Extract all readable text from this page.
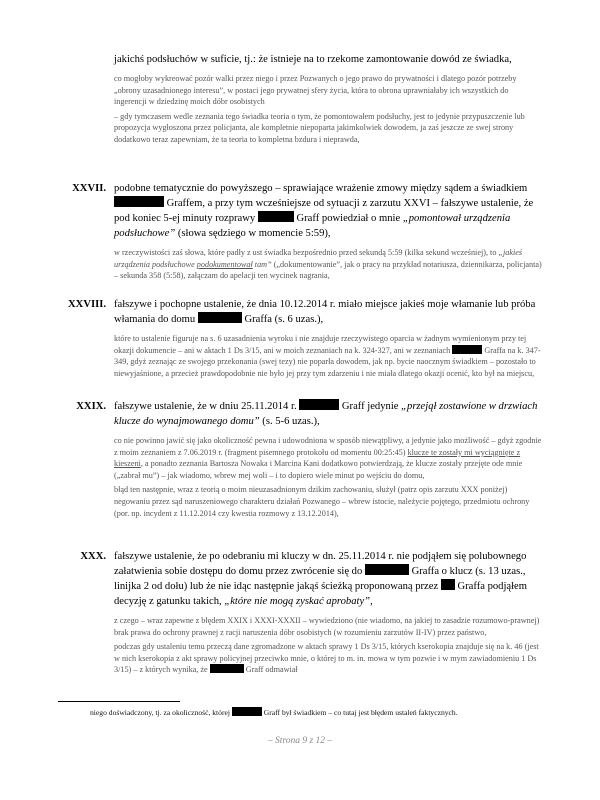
jakichś podsłuchów w suficie, tj.: że istnieje na to rzekome zamontowanie dowód ze świadka,

co mogłoby wykreować pozór walki przez niego i przez Pozwanych o jego prawo do prywatności i dlatego pozór potrzeby „obrony uzasadnionego interesu”, w postaci jego prywatnej sfery życia, która to obrona uprawniałaby ich wszystkich do ingerencji w dziedzinę moich dóbr osobistych

– gdy tymczasem wedle zeznania tego świadka teoria o tym, że pomontowałem podsłuchy, jest to jedynie przypuszczenie lub propozycja wygłoszona przez policjanta, ale kompletnie niepoparta jakimkolwiek dowodem, ja zaś jeszcze ze swej strony dodatkowo teraz zapewniam, że ta teoria to kompletna bzdura i nieprawda,

XXVII. podobne tematycznie do powyższego – sprawiające wrażenie zmowy między sądem a świadkiem  Graffem, a przy tym wcześniejsze od sytuacji z zarzutu XXVI – fałszywe ustalenie, że pod koniec 5-ej minuty rozprawy	Graff powiedział o mnie „pomontował urządzenia podsłuchowe” (słowa sędziego w momencie 5:59),

w rzeczywistości zaś słowa, które padły z ust świadka bezpośrednio przed sekundą 5:59 (kilka sekund wcześniej), to „jakieś urządzenia podsłuchowe podokumentował tam” („dokumentowanie”, jak o pracy na przykład notariusza, dziennikarza, policjanta) – sekunda 358 (5:58), załączam do apelacji ten wycinek nagrania,

XXVIII. fałszywe i pochopne ustalenie, że dnia 10.12.2014 r. miało miejsce jakieś moje włamanie lub próba włamania do domu	Graffa (s. 6 uzas.),

które to ustalenie figuruje na s. 6 uzasadnienia wyroku i nie znajduje rzeczywistego oparcia w żadnym wymienionym przy tej okazji dokumencie – ani w aktach 1 Ds 3/15, ani w moich zeznaniach na k. 324-327, ani w zeznaniach	Graffa na k. 347-349, gdyż zeznając ze swojego przekonania (swej tezy) nie poparła dowodem, jak np. bycie naocznym świadkiem – pozostało to niewyjaśnione, a przecież prawdopodobnie nie było jej przy tym zdarzeniu i nie miała dlatego okazji ocenić, kto był na miejscu,

XXIX. fałszywe ustalenie, że w dniu 25.11.2014 r.	Graff jedynie „przejął zostawione w drzwiach klucze do wynajmowanego domu” (s. 5-6 uzas.),

co nie powinno jawić się jako okoliczność pewna i udowodniona w sposób niewątpliwy, a jedynie jako możliwość – gdyż zgodnie z moim zeznaniem z 7.06.2019 r. (fragment pisemnego protokołu od momentu 00:25:45) klucze te zostały mi wyciągnięte z kieszeni, a ponadto zeznania Bartosza Nowaka i Marcina Kani dodatkowo potwierdzają, że klucze zostały przejęte ode mnie („zabrał mu”) – jak wiadomo, wbrew mej woli – i to dopiero wiele minut po wejściu do domu,

błąd ten następnie, wraz z teorią o moim nieuzasadnionym dzikim zachowaniu, służył (patrz opis zarzutu XXX poniżej) negowaniu przez sąd naruszeniowego charakteru działań Pozwanego – wbrew istocie, należycie pojętego, przedmiotu ochrony (por. np. incydent z 11.12.2014 czy kwestia rozmowy z 13.12.2014),

XXX. fałszywe ustalenie, że po odebraniu mi kluczy w dn. 25.11.2014 r. nie podjąłem się polubownego załatwienia sobie dostępu do domu przez zwrócenie się do	Graffa o klucz (s. 13 uzas., linijka 2 od dołu) lub że nie idąc następnie jakąś ścieżką proponowaną przez  Graffa podjąłem decyzję z gatunku takich, „które nie mogą zyskać aprobaty”,

z czego – wraz zapewne z błędem XXIX i XXXI-XXXII – wywiedziono (nie wiadomo, na jakiej to zasadzie rozumowo-prawnej) brak prawa do ochrony prawnej z racji naruszenia dóbr osobistych (w rozumieniu zarzutów II-IV) przez państwo,

podczas gdy ustaleniu temu przeczą dane zgromadzone w aktach sprawy 1 Ds 3/15, których kserokopia znajduje się na k. 46 (jest w nich kserokopia z akt sprawy policyjnej przeciwko mnie, o której to m. in. mowa w tym pozwie i w mym zawiadomieniu 1 Ds 3/15) – z których wynika, że	Graff odmawiał

niego doświadczony, tj. za okoliczność, której	Graff był świadkiem – co tutaj jest błędem ustaleń faktycznych.
– Strona 9 z 12 –
